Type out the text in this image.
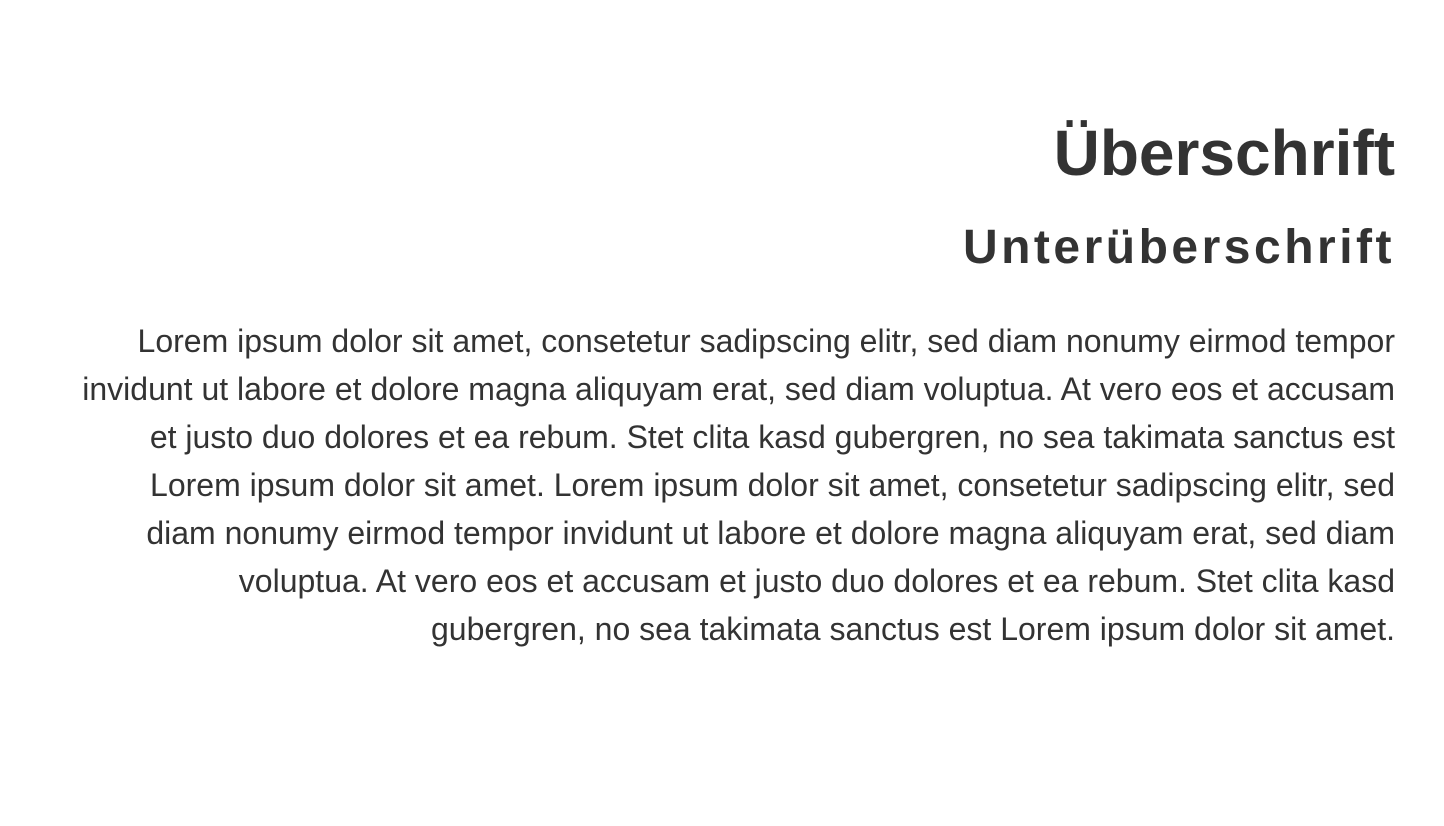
Überschrift
Unterüberschrift

Lorem ipsum dolor sit amet, consetetur sadipscing elitr, sed diam nonumy eirmod tempor
invidunt ut labore et dolore magna aliquyam erat, sed diam voluptua. At vero eos et accusam
et justo duo dolores et ea rebum. Stet clita kasd gubergren, no sea takimata sanctus est
Lorem ipsum dolor sit amet. Lorem ipsum dolor sit amet, consetetur sadipscing elitr, sed
diam nonumy eirmod tempor invidunt ut labore et dolore magna aliquyam erat, sed diam
voluptua. At vero eos et accusam et justo duo dolores et ea rebum. Stet clita kasd
gubergren, no sea takimata sanctus est Lorem ipsum dolor sit amet.
